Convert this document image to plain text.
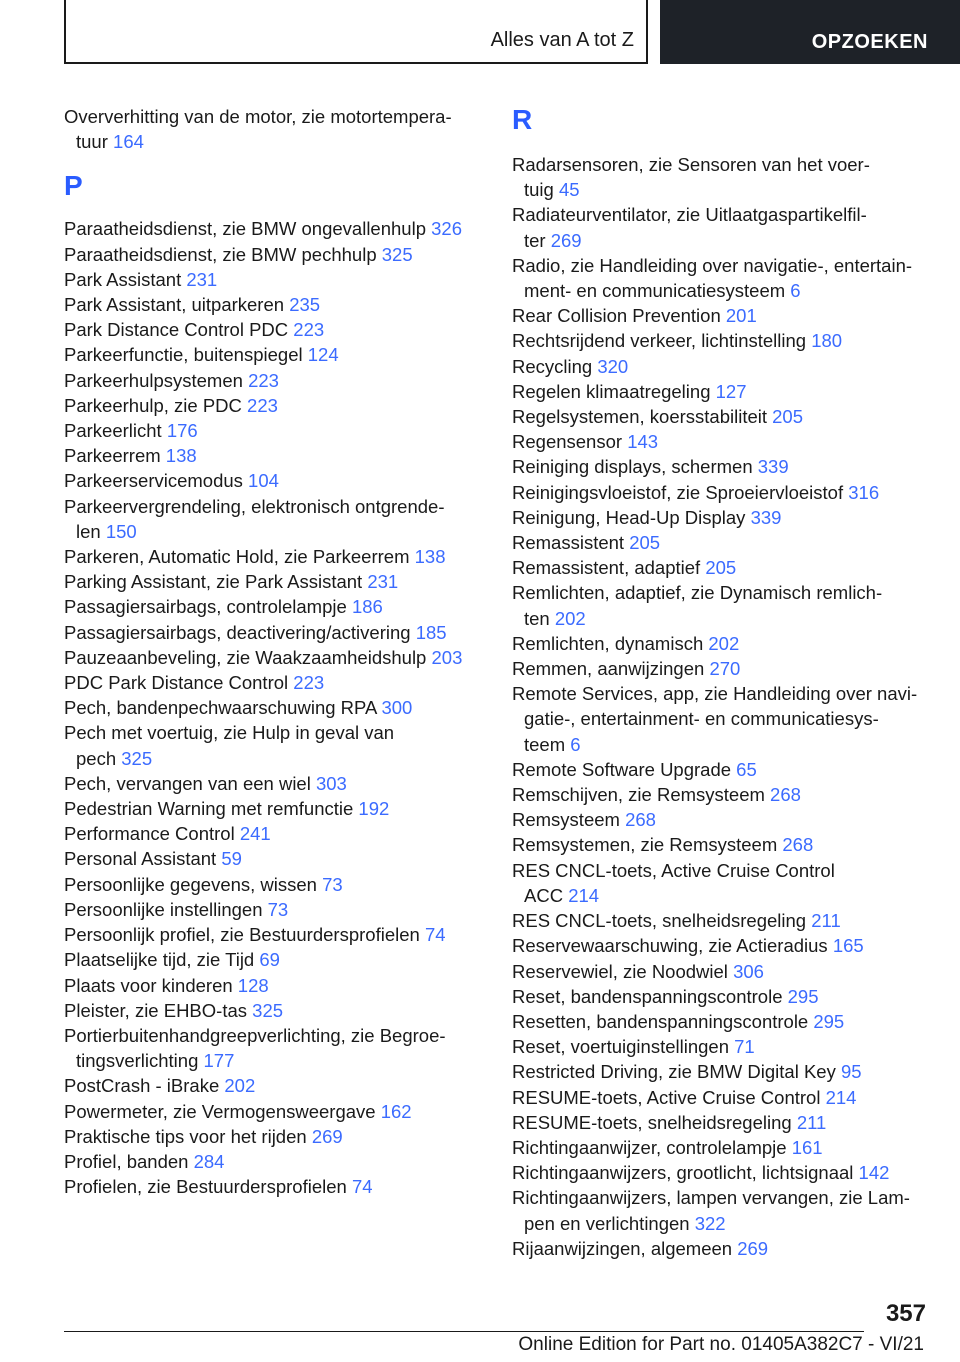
Alles van A tot Z	OPZOEKEN
Oververhitting van de motor, zie motortempera-
tuur 164
P
Paraatheidsdienst, zie BMW ongevallenhulp 326
Paraatheidsdienst, zie BMW pechhulp 325
Park Assistant 231
Park Assistant, uitparkeren 235
Park Distance Control PDC 223
Parkeerfunctie, buitenspiegel 124
Parkeerhulpsystemen 223
Parkeerhulp, zie PDC 223
Parkeerlicht 176
Parkeerrem 138
Parkeerservicemodus 104
Parkeervergrendeling, elektronisch ontgrende-
len 150
Parkeren, Automatic Hold, zie Parkeerrem 138
Parking Assistant, zie Park Assistant 231
Passagiersairbags, controlelampje 186
Passagiersairbags, deactivering/activering 185
Pauzeaanbeveling, zie Waakzaamheidshulp 203
PDC Park Distance Control 223
Pech, bandenpechwaarschuwing RPA 300
Pech met voertuig, zie Hulp in geval van
pech 325
Pech, vervangen van een wiel 303
Pedestrian Warning met remfunctie 192
Performance Control 241
Personal Assistant 59
Persoonlijke gegevens, wissen 73
Persoonlijke instellingen 73
Persoonlijk profiel, zie Bestuurdersprofielen 74
Plaatselijke tijd, zie Tijd 69
Plaats voor kinderen 128
Pleister, zie EHBO-tas 325
Portierbuitenhandgreepverlichting, zie Begroe-
tingsverlichting 177
PostCrash - iBrake 202
Powermeter, zie Vermogensweergave 162
Praktische tips voor het rijden 269
Profiel, banden 284
Profielen, zie Bestuurdersprofielen 74
R
Radarsensoren, zie Sensoren van het voer-
tuig 45
Radiateurventilator, zie Uitlaatgaspartikelfil-
ter 269
Radio, zie Handleiding over navigatie-, entertain-
ment- en communicatiesysteem 6
Rear Collision Prevention 201
Rechtsrijdend verkeer, lichtinstelling 180
Recycling 320
Regelen klimaatregeling 127
Regelsystemen, koersstabiliteit 205
Regensensor 143
Reiniging displays, schermen 339
Reinigingsvloeistof, zie Sproeiervloeistof 316
Reinigung, Head-Up Display 339
Remassistent 205
Remassistent, adaptief 205
Remlichten, adaptief, zie Dynamisch remlich-
ten 202
Remlichten, dynamisch 202
Remmen, aanwijzingen 270
Remote Services, app, zie Handleiding over navi-
gatie-, entertainment- en communicatiesys-
teem 6
Remote Software Upgrade 65
Remschijven, zie Remsysteem 268
Remsysteem 268
Remsystemen, zie Remsysteem 268
RES CNCL-toets, Active Cruise Control
ACC 214
RES CNCL-toets, snelheidsregeling 211
Reservewaarschuwing, zie Actieradius 165
Reservewiel, zie Noodwiel 306
Reset, bandenspanningscontrole 295
Resetten, bandenspanningscontrole 295
Reset, voertuiginstellingen 71
Restricted Driving, zie BMW Digital Key 95
RESUME-toets, Active Cruise Control 214
RESUME-toets, snelheidsregeling 211
Richtingaanwijzer, controlelampje 161
Richtingaanwijzers, grootlicht, lichtsignaal 142
Richtingaanwijzers, lampen vervangen, zie Lam-
pen en verlichtingen 322
Rijaanwijzingen, algemeen 269
357
Online Edition for Part no. 01405A382C7 - VI/21
